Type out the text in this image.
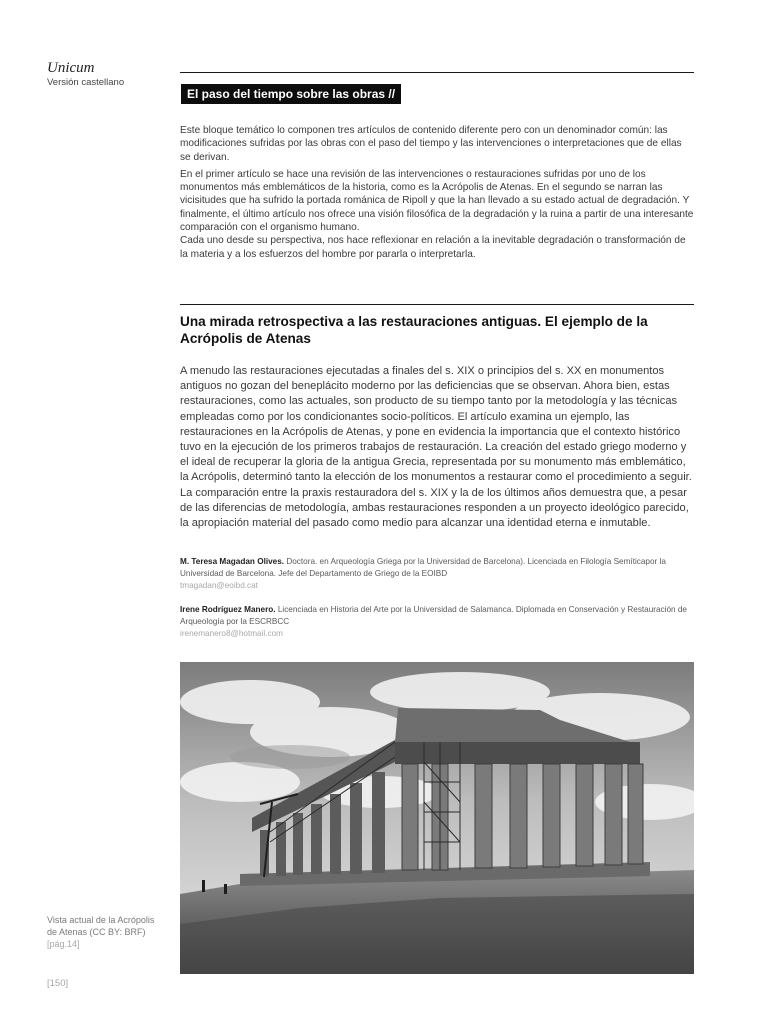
Unicum
Versión castellano
El paso del tiempo sobre las obras //

Este bloque temático lo componen tres artículos de contenido diferente pero con un denominador común: las modificaciones sufridas por las obras con el paso del tiempo y las intervenciones o interpretaciones que de ellas se derivan.

En el primer artículo se hace una revisión de las intervenciones o restauraciones sufridas por uno de los monumentos más emblemáticos de la historia, como es la Acrópolis de Atenas. En el segundo se narran las vicisitudes que ha sufrido la portada románica de Ripoll y que la han llevado a su estado actual de degradación. Y finalmente, el último artículo nos ofrece una visión filosófica de la degradación y la ruina a partir de una interesante comparación con el organismo humano.

Cada uno desde su perspectiva, nos hace reflexionar en relación a la inevitable degradación o transformación de la materia y a los esfuerzos del hombre por pararla o interpretarla.

Una mirada retrospectiva a las restauraciones antiguas. El ejemplo de la Acrópolis de Atenas
A menudo las restauraciones ejecutadas a finales del s. XIX o principios del s. XX en monumentos antiguos no gozan del beneplácito moderno por las deficiencias que se observan. Ahora bien, estas restauraciones, como las actuales, son producto de su tiempo tanto por la metodología y las técnicas empleadas como por los condicionantes socio-políticos. El artículo examina un ejemplo, las restauraciones en la Acrópolis de Atenas, y pone en evidencia la importancia que el contexto histórico tuvo en la ejecución de los primeros trabajos de restauración. La creación del estado griego moderno y el ideal de recuperar la gloria de la antigua Grecia, representada por su monumento más emblemático, la Acrópolis, determinó tanto la elección de los monumentos a restaurar como el procedimiento a seguir. La comparación entre la praxis restauradora del s. XIX y la de los últimos años demuestra que, a pesar de las diferencias de metodología, ambas restauraciones responden a un proyecto ideológico parecido, la apropiación material del pasado como medio para alcanzar una identidad eterna e inmutable.
M. Teresa Magadan Olives. Doctora. en Arqueología Griega por la Universidad de Barcelona). Licenciada en Filología Semíticapor la Universidad de Barcelona. Jefe del Departamento de Griego de la EOIBD
tmagadan@eoibd.cat
Irene Rodríguez Manero. Licenciada en Historia del Arte por la Universidad de Salamanca. Diplomada en Conservación y Restauración de Arqueología por la ESCRBCC
irenemanero8@hotmail.com
Vista actual de la Acrópolis de Atenas (CC BY: BRF)
[pág.14]
[150]
